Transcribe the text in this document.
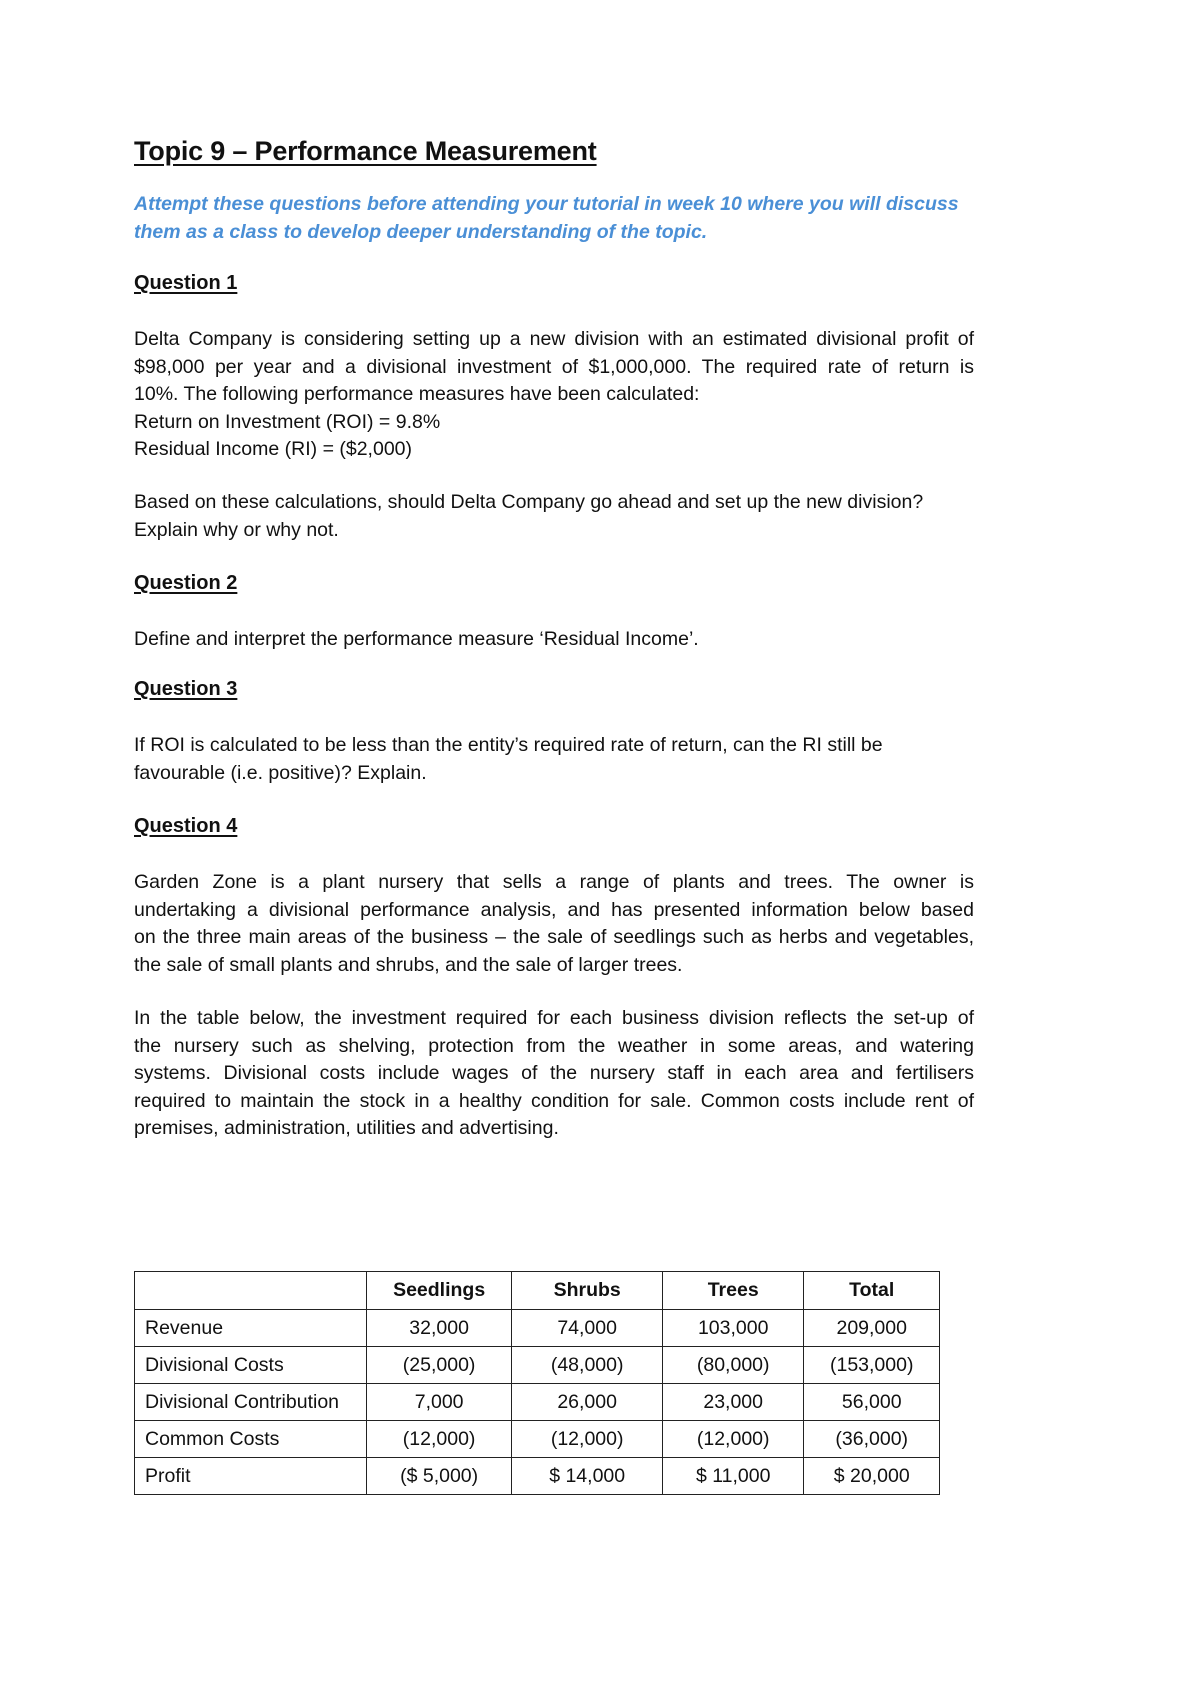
Topic 9 – Performance Measurement

Attempt these questions before attending your tutorial in week 10 where you will discuss them as a class to develop deeper understanding of the topic.

Question 1

Delta Company is considering setting up a new division with an estimated divisional profit of
$98,000 per year and a divisional investment of $1,000,000. The required rate of return is
10%. The following performance measures have been calculated:
Return on Investment (ROI) = 9.8%
Residual Income (RI) = ($2,000)

Based on these calculations, should Delta Company go ahead and set up the new division?
Explain why or why not.

Question 2

Define and interpret the performance measure ‘Residual Income’.

Question 3

If ROI is calculated to be less than the entity’s required rate of return, can the RI still be
favourable (i.e. positive)? Explain.

Question 4

Garden Zone is a plant nursery that sells a range of plants and trees. The owner is
undertaking a divisional performance analysis, and has presented information below based
on the three main areas of the business – the sale of seedlings such as herbs and vegetables,
the sale of small plants and shrubs, and the sale of larger trees.

In the table below, the investment required for each business division reflects the set-up of
the nursery such as shelving, protection from the weather in some areas, and watering
systems. Divisional costs include wages of the nursery staff in each area and fertilisers
required to maintain the stock in a healthy condition for sale. Common costs include rent of
premises, administration, utilities and advertising.

	Seedlings	Shrubs	Trees	Total
Revenue	32,000	74,000	103,000	209,000
Divisional Costs	(25,000)	(48,000)	(80,000)	(153,000)
Divisional Contribution	7,000	26,000	23,000	56,000
Common Costs	(12,000)	(12,000)	(12,000)	(36,000)
Profit	($ 5,000)	$ 14,000	$ 11,000	$ 20,000
